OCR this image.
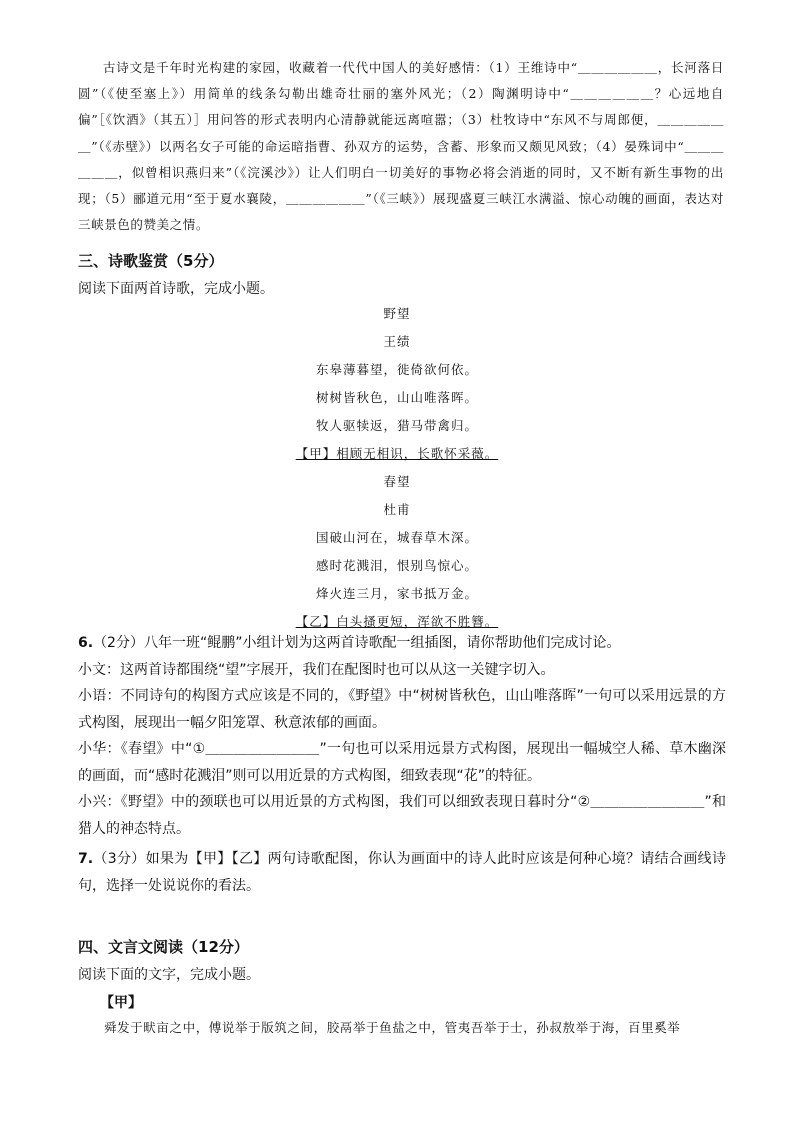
古诗文是千年时光构建的家园，收藏着一代代中国人的美好感情：（1）王维诗中“＿＿＿＿＿＿，长河落日圆”（《使至塞上》）用简单的线条勾勒出雄奇壮丽的塞外风光；（2）陶渊明诗中“＿＿＿＿＿＿？心远地自偏”［《饮酒》（其五）］用问答的形式表明内心清静就能远离喧嚣；（3）杜牧诗中“东风不与周郎便，＿＿＿＿＿＿”（《赤壁》）以两名女子可能的命运暗指曹、孙双方的运势，含蓄、形象而又颇见风致；（4）晏殊词中“＿＿＿＿＿＿，似曾相识燕归来”（《浣溪沙》）让人们明白一切美好的事物必将会消逝的同时，又不断有新生事物的出现；（5）郦道元用“至于夏水襄陵，＿＿＿＿＿＿”（《三峡》）展现盛夏三峡江水满溢、惊心动魄的画面，表达对三峡景色的赞美之情。

三、诗歌鉴赏（5分）
阅读下面两首诗歌，完成小题。
野望
王绩
东皋薄暮望，徙倚欲何依。
树树皆秋色，山山唯落晖。
牧人驱犊返，猎马带禽归。
【甲】相顾无相识，长歌怀采薇。
春望
杜甫
国破山河在，城春草木深。
感时花溅泪，恨别鸟惊心。
烽火连三月，家书抵万金。
【乙】白头搔更短，浑欲不胜簪。

6.（2分）八年一班“鲲鹏”小组计划为这两首诗歌配一组插图，请你帮助他们完成讨论。

小文：这两首诗都围绕“望”字展开，我们在配图时也可以从这一关键字切入。

小语：不同诗句的构图方式应该是不同的，《野望》中“树树皆秋色，山山唯落晖”一句可以采用远景的方式构图，展现出一幅夕阳笼罩、秋意浓郁的画面。

小华：《春望》中“①＿＿＿＿＿＿＿＿”一句也可以采用远景方式构图，展现出一幅城空人稀、草木幽深的画面，而“感时花溅泪”则可以用近景的方式构图，细致表现“花”的特征。

小兴：《野望》中的颈联也可以用近景的方式构图，我们可以细致表现日暮时分“②＿＿＿＿＿＿＿＿”和猎人的神态特点。

7.（3分）如果为【甲】【乙】两句诗歌配图，你认为画面中的诗人此时应该是何种心境？请结合画线诗句，选择一处说说你的看法。

四、文言文阅读（12分）
阅读下面的文字，完成小题。
【甲】
舜发于畎亩之中，傅说举于版筑之间，胶鬲举于鱼盐之中，管夷吾举于士，孙叔敖举于海，百里奚举
